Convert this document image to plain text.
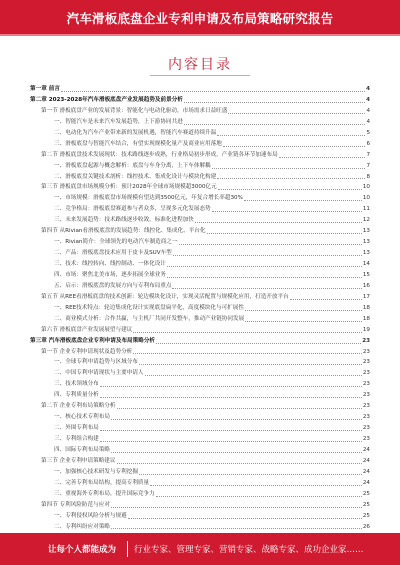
汽车滑板底盘企业专利申请及布局策略研究报告
内容目录
第一章 前言	4
第二章 2023-2028年汽车滑板底盘产业发展趋势及前景分析	4
第一节 滑板底盘产业的发展背景：智能化与电动化驱动，市场需求日益旺盛	4
一、智能汽车是未来汽车发展趋势，上下游协同共进	4
二、电动化为汽车产业带来新的发展机遇，智能汽车赛道持续升温	5
三、滑板底盘与智能汽车结合，有望实现规模化量产及商业应用落地	6
第二节 滑板底盘技术发展现状：技术路线逐步成熟，行业格局初步形成，产业链各环节加速布局	7
一、滑板底盘起源与概念解析：底盘与车身分离，上下车体解耦	7
二、滑板底盘关键技术剖析：线控技术、集成化设计与模块化构建	8
第三节 滑板底盘市场规模分析：预计2028年全球市场规模超3000亿元	10
一、市场规模：滑板底盘市场规模有望达到3500亿元，年复合增长率超30%	10
二、竞争格局：滑板底盘赛道参与者众多，呈现多元化发展态势	11
三、未来发展趋势：技术路线逐步收敛，标准化进程加快	12
第四节 从Rivian看滑板底盘的发展趋势：线控化、集成化、平台化	13
一、Rivian简介：全球领先的电动汽车制造商之一	13
二、产品：滑板底盘技术应用于皮卡及SUV车型	13
三、技术：线控转向、线控制动、一体化设计	14
四、市场：聚焦北美市场，逐步拓展全球业务	15
五、启示：滑板底盘的发展方向与专利布局重点	16
第五节 从REE看滑板底盘的技术创新：轮边模块化设计，实现灵活配置与规模化应用，打造开放平台	17
一、REE技术特点：轮边集成化设计实现底盘扁平化，高度模块化与可扩展性	18
二、商业模式分析：合作共赢，与主机厂共同开发整车，推动产业链协同发展	18
第六节 滑板底盘产业发展展望与建议	19
第三章 汽车滑板底盘企业专利申请及布局策略分析	23
第一节 企业专利申请现状及趋势分析	23
一、全球专利申请趋势与区域分布	23
二、中国专利申请现状与主要申请人	23
三、技术领域分布	23
四、专利质量分析	23
第二节 企业专利布局策略分析	23
一、核心技术专利布局	23
二、外围专利布局	23
三、专利组合构建	23
四、国际专利布局策略	24
第三节 企业专利申请策略建议	24
一、加强核心技术研发与专利挖掘	24
二、完善专利布局结构，提高专利质量	24
三、重视海外专利布局，提升国际竞争力	25
第四节 专利风险防范与应对	25
一、专利侵权风险分析与规避	25
二、专利纠纷应对策略	26
让每个人都能成为 行业专家、管理专家、营销专家、战略专家、成功企业家……
